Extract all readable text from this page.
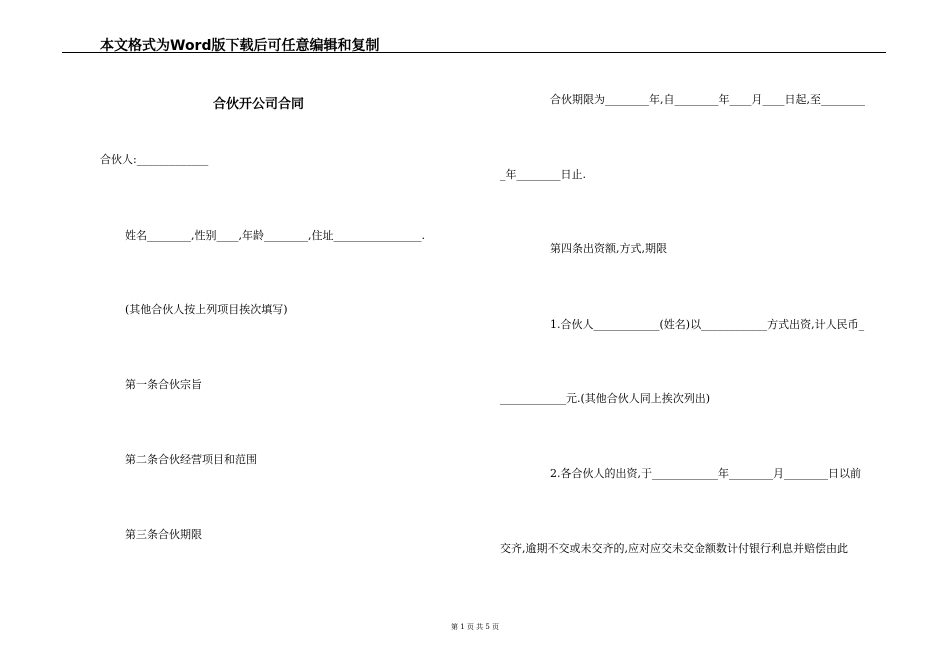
本文格式为Word版下载后可任意编辑和复制
合伙开公司合同
合伙人:_____________
姓名________,性别____,年龄________,住址________________.
(其他合伙人按上列项目挨次填写)
第一条合伙宗旨
第二条合伙经营项目和范围
第三条合伙期限
合伙期限为________年,自________年____月____日起,至________
_年________日止.
第四条出资额,方式,期限
1.合伙人____________(姓名)以____________方式出资,计人民币_
____________元.(其他合伙人同上挨次列出)
2.各合伙人的出资,于____________年________月________日以前
交齐,逾期不交或未交齐的,应对应交未交金额数计付银行利息并赔偿由此
第 1 页 共 5 页
